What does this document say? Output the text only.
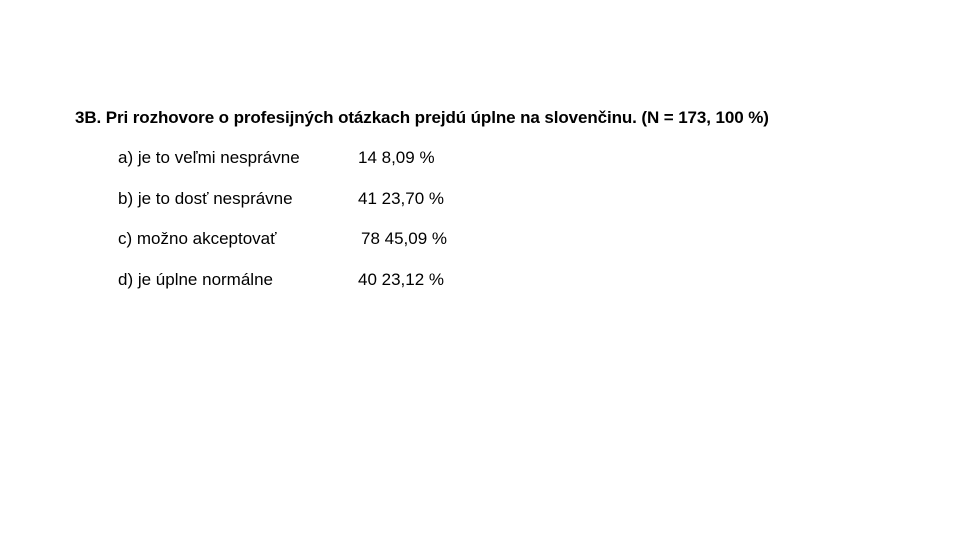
3B. Pri rozhovore o profesijných otázkach prejdú úplne na slovenčinu. (N = 173, 100 %)
a) je to veľmi nesprávne	14 8,09 %
b) je to dosť nesprávne	41 23,70 %
c) možno akceptovať	78 45,09 %
d) je úplne normálne	40 23,12 %
